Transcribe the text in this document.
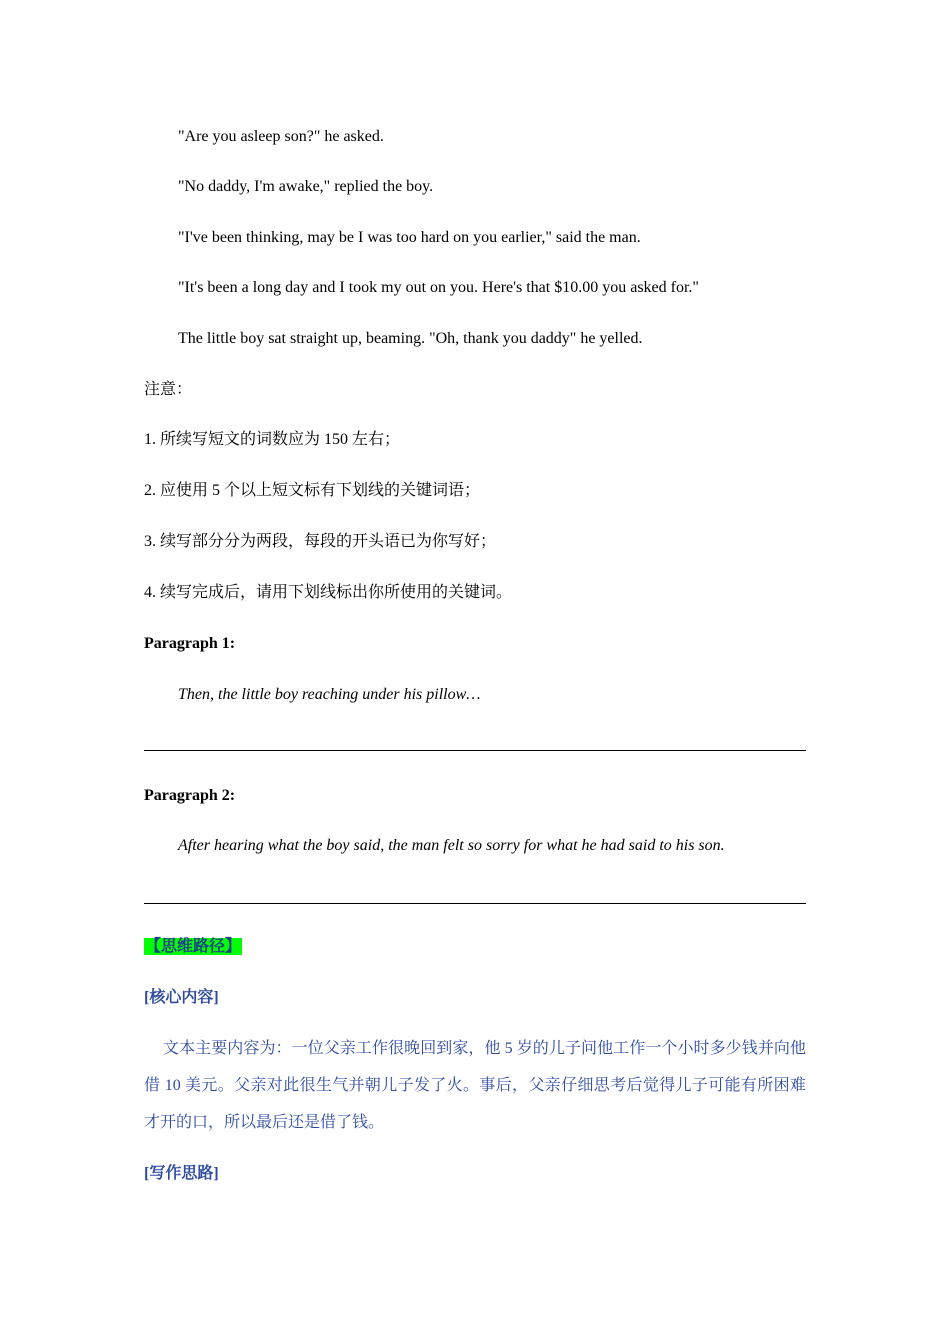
"Are you asleep son?" he asked.
"No daddy, I'm awake," replied the boy.
"I've been thinking, may be I was too hard on you earlier," said the man.
"It's been a long day and I took my out on you. Here's that $10.00 you asked for."
The little boy sat straight up, beaming. "Oh, thank you daddy" he yelled.
注意：
1. 所续写短文的词数应为 150 左右；
2. 应使用 5 个以上短文标有下划线的关键词语；
3. 续写部分分为两段，每段的开头语已为你写好；
4. 续写完成后，请用下划线标出你所使用的关键词。
Paragraph 1:
Then, the little boy reaching under his pillow…
Paragraph 2:
After hearing what the boy said, the man felt so sorry for what he had said to his son.
【思维路径】
[核心内容]
文本主要内容为：一位父亲工作很晚回到家，他 5 岁的儿子问他工作一个小时多少钱并向他借 10 美元。父亲对此很生气并朝儿子发了火。事后，父亲仔细思考后觉得儿子可能有所困难才开的口，所以最后还是借了钱。
[写作思路]
